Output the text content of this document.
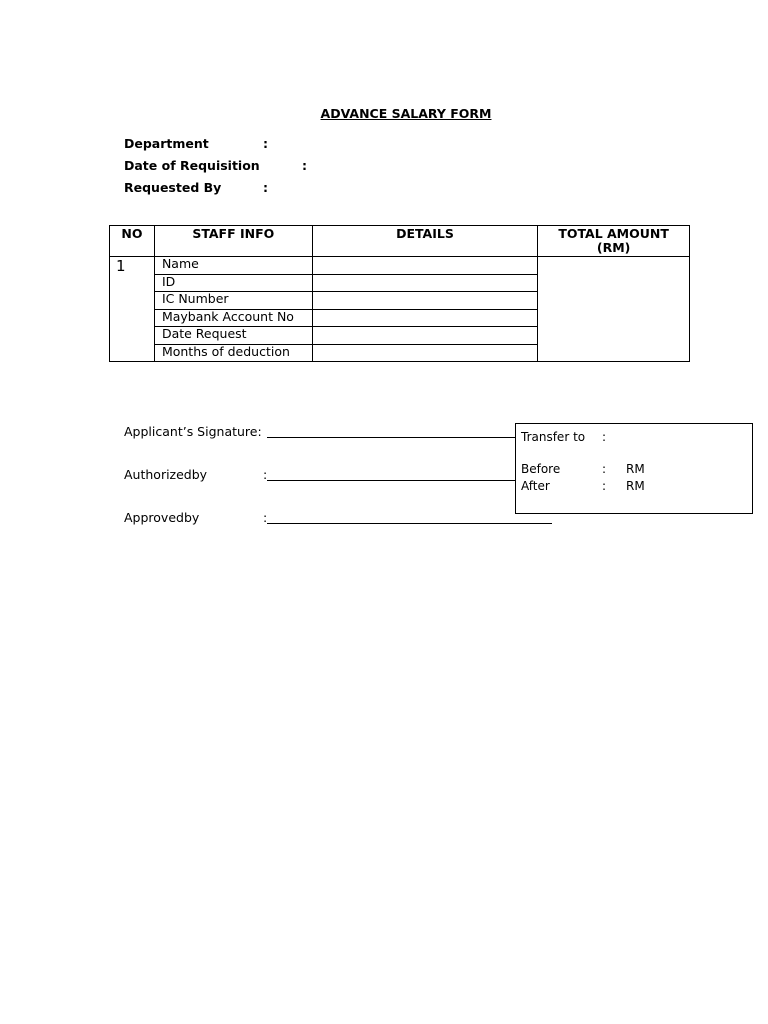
ADVANCE SALARY FORM
Department	:
Date of Requisition	:
Requested By	:
NO	STAFF INFO	DETAILS	TOTAL AMOUNT
(RM)

1	Name		
	ID		
	IC Number		
	Maybank Account No		
	Date Request		
	Months of deduction		
Applicant’s Signature:
Authorizedby	:
Approvedby	:
Transfer to :
Before	: RM
After	: RM
